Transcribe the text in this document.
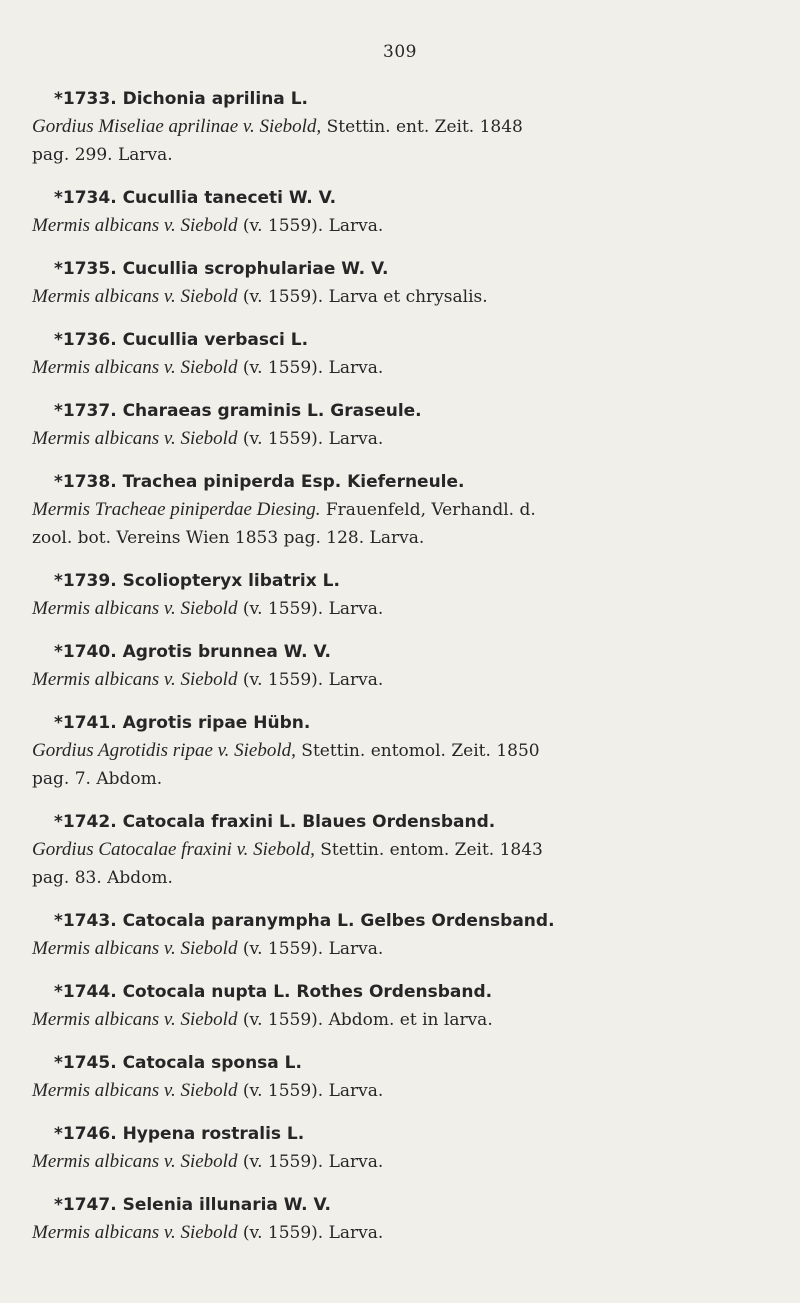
309
*1733. Dichonia aprilina L.
Gordius Miseliae aprilinae v. Siebold, Stettin. ent. Zeit. 1848
pag. 299. Larva.
*1734. Cucullia taneceti W. V.
Mermis albicans v. Siebold (v. 1559). Larva.
*1735. Cucullia scrophulariae W. V.
Mermis albicans v. Siebold (v. 1559). Larva et chrysalis.
*1736. Cucullia verbasci L.
Mermis albicans v. Siebold (v. 1559). Larva.
*1737. Charaeas graminis L. Graseule.
Mermis albicans v. Siebold (v. 1559). Larva.
*1738. Trachea piniperda Esp. Kieferneule.
Mermis Tracheae piniperdae Diesing. Frauenfeld, Verhandl. d.
zool. bot. Vereins Wien 1853 pag. 128. Larva.
*1739. Scoliopteryx libatrix L.
Mermis albicans v. Siebold (v. 1559). Larva.
*1740. Agrotis brunnea W. V.
Mermis albicans v. Siebold (v. 1559). Larva.
*1741. Agrotis ripae Hübn.
Gordius Agrotidis ripae v. Siebold, Stettin. entomol. Zeit. 1850
pag. 7. Abdom.
*1742. Catocala fraxini L. Blaues Ordensband.
Gordius Catocalae fraxini v. Siebold, Stettin. entom. Zeit. 1843
pag. 83. Abdom.
*1743. Catocala paranympha L. Gelbes Ordensband.
Mermis albicans v. Siebold (v. 1559). Larva.
*1744. Cotocala nupta L. Rothes Ordensband.
Mermis albicans v. Siebold (v. 1559). Abdom. et in larva.
*1745. Catocala sponsa L.
Mermis albicans v. Siebold (v. 1559). Larva.
*1746. Hypena rostralis L.
Mermis albicans v. Siebold (v. 1559). Larva.
*1747. Selenia illunaria W. V.
Mermis albicans v. Siebold (v. 1559). Larva.
